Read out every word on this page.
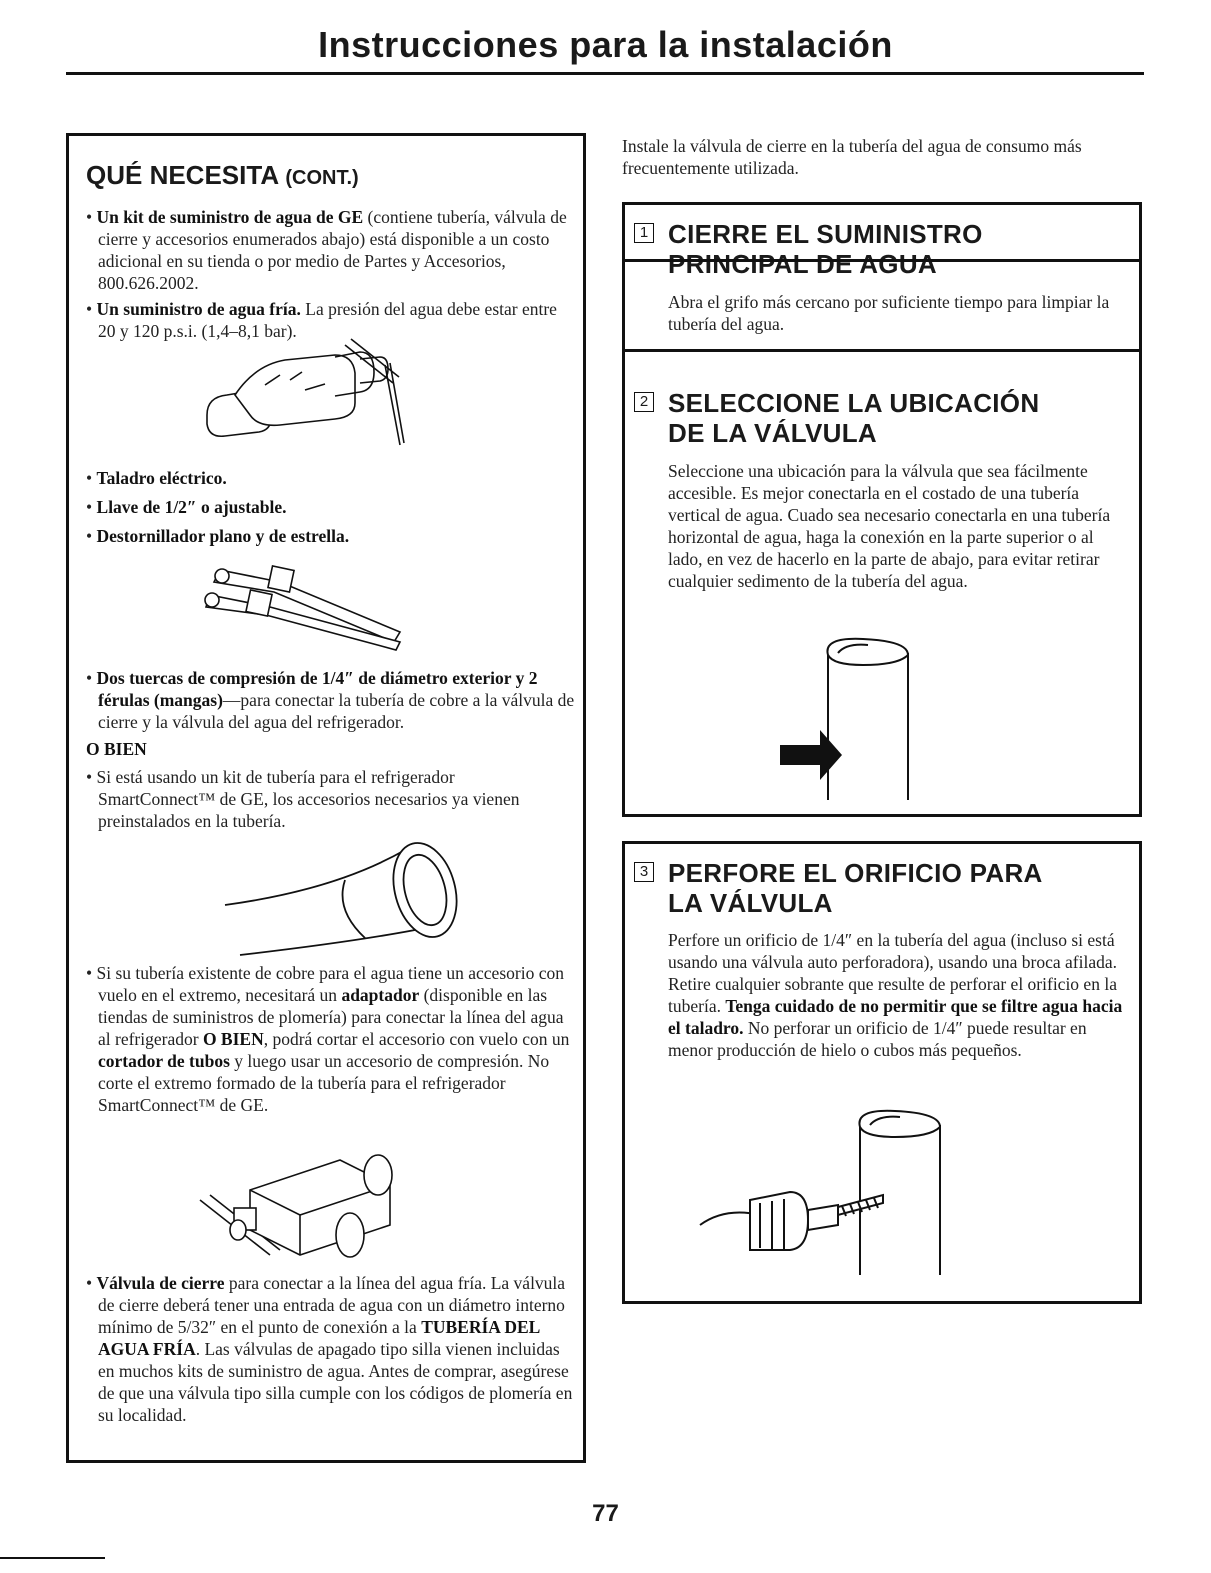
Instrucciones para la instalación
QUÉ NECESITA (CONT.)
• Un kit de suministro de agua de GE (contiene tubería, válvula de cierre y accesorios enumerados abajo) está disponible a un costo adicional en su tienda o por medio de Partes y Accesorios, 800.626.2002.
• Un suministro de agua fría. La presión del agua debe estar entre 20 y 120 p.s.i. (1,4–8,1 bar).
• Taladro eléctrico.
• Llave de 1/2″ o ajustable.
• Destornillador plano y de estrella.
• Dos tuercas de compresión de 1/4″ de diámetro exterior y 2 férulas (mangas)—para conectar la tubería de cobre a la válvula de cierre y la válvula del agua del refrigerador.
O BIEN
• Si está usando un kit de tubería para el refrigerador SmartConnect™ de GE, los accesorios necesarios ya vienen preinstalados en la tubería.
• Si su tubería existente de cobre para el agua tiene un accesorio con vuelo en el extremo, necesitará un adaptador (disponible en las tiendas de suministros de plomería) para conectar la línea del agua al refrigerador O BIEN, podrá cortar el accesorio con vuelo con un cortador de tubos y luego usar un accesorio de compresión. No corte el extremo formado de la tubería para el refrigerador SmartConnect™ de GE.
• Válvula de cierre para conectar a la línea del agua fría. La válvula de cierre deberá tener una entrada de agua con un diámetro interno mínimo de 5/32″ en el punto de conexión a la TUBERÍA DEL AGUA FRÍA. Las válvulas de apagado tipo silla vienen incluidas en muchos kits de suministro de agua. Antes de comprar, asegúrese de que una válvula tipo silla cumple con los códigos de plomería en su localidad.
Instale la válvula de cierre en la tubería del agua de consumo más frecuentemente utilizada.
1 CIERRE EL SUMINISTRO
PRINCIPAL DE AGUA
Abra el grifo más cercano por suficiente tiempo para limpiar la tubería del agua.
2 SELECCIONE LA UBICACIÓN
DE LA VÁLVULA
Seleccione una ubicación para la válvula que sea fácilmente accesible. Es mejor conectarla en el costado de una tubería vertical de agua. Cuado sea necesario conectarla en una tubería horizontal de agua, haga la conexión en la parte superior o al lado, en vez de hacerlo en la parte de abajo, para evitar retirar cualquier sedimento de la tubería del agua.
3 PERFORE EL ORIFICIO PARA
LA VÁLVULA
Perfore un orificio de 1/4″ en la tubería del agua (incluso si está usando una válvula auto perforadora), usando una broca afilada. Retire cualquier sobrante que resulte de perforar el orificio en la tubería. Tenga cuidado de no permitir que se filtre agua hacia el taladro. No perforar un orificio de 1/4″ puede resultar en menor producción de hielo o cubos más pequeños.
77
